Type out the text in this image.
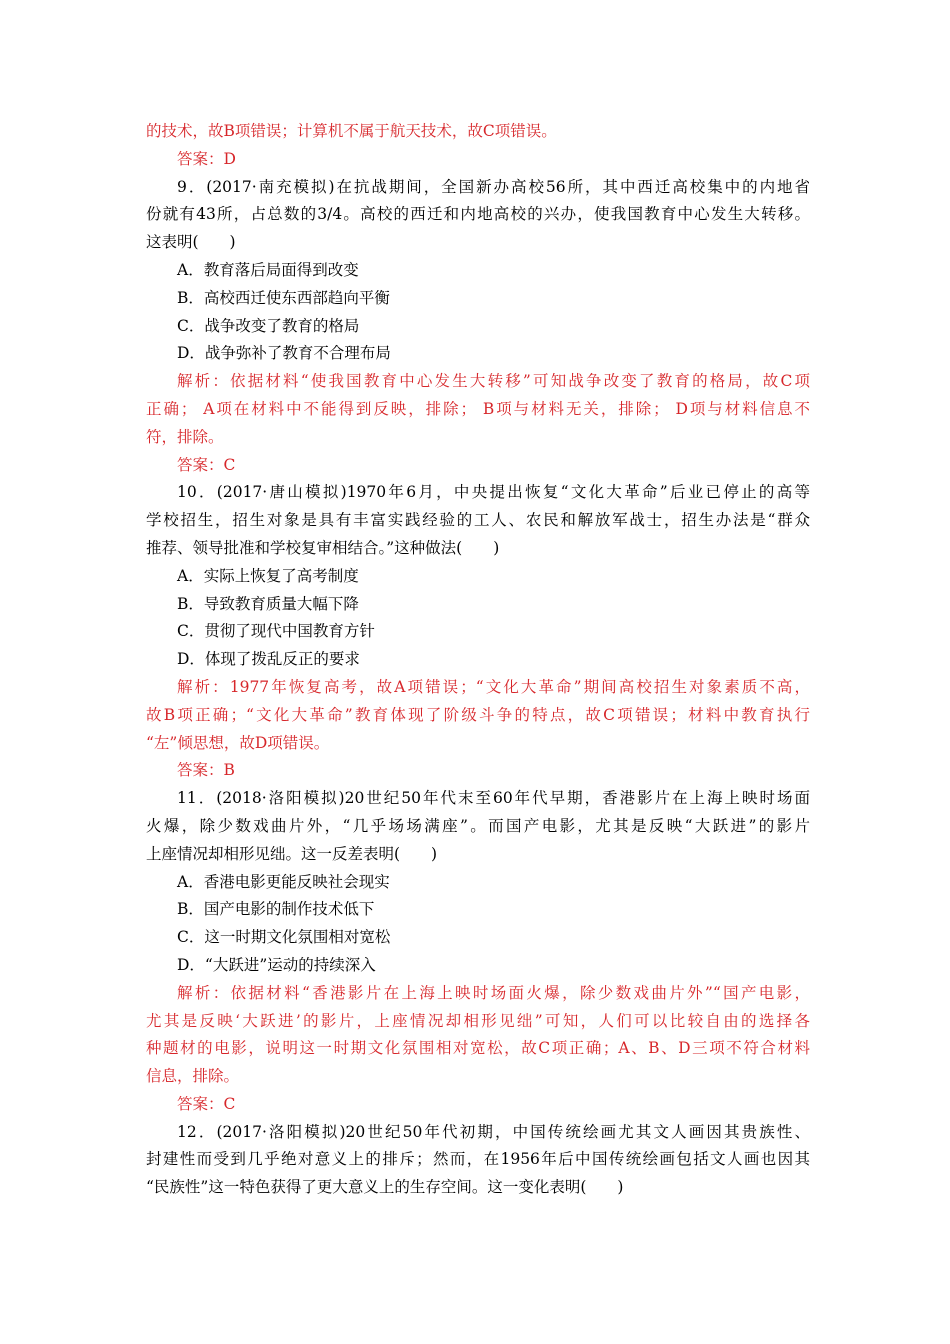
的技术，故B项错误；计算机不属于航天技术，故C项错误。
答案：D
9．(2017·南充模拟)在抗战期间，全国新办高校56所，其中西迁高校集中的内地省
份就有43所，占总数的3/4。高校的西迁和内地高校的兴办，使我国教育中心发生大转移。
这表明(　　)
A．教育落后局面得到改变
B．高校西迁使东西部趋向平衡
C．战争改变了教育的格局
D．战争弥补了教育不合理布局
解析：依据材料“使我国教育中心发生大转移”可知战争改变了教育的格局，故C项
正确； A项在材料中不能得到反映，排除； B项与材料无关，排除； D项与材料信息不
符，排除。
答案：C
10．(2017·唐山模拟)1970年6月，中央提出恢复“文化大革命”后业已停止的高等
学校招生，招生对象是具有丰富实践经验的工人、农民和解放军战士，招生办法是“群众
推荐、领导批准和学校复审相结合。”这种做法(　　)
A．实际上恢复了高考制度
B．导致教育质量大幅下降
C．贯彻了现代中国教育方针
D．体现了拨乱反正的要求
解析：1977年恢复高考，故A项错误；“文化大革命”期间高校招生对象素质不高，
故B项正确；“文化大革命”教育体现了阶级斗争的特点，故C项错误；材料中教育执行
“左”倾思想，故D项错误。
答案：B
11．(2018·洛阳模拟)20世纪50年代末至60年代早期，香港影片在上海上映时场面
火爆，除少数戏曲片外，“几乎场场满座”。而国产电影，尤其是反映“大跃进”的影片
上座情况却相形见绌。这一反差表明(　　)
A．香港电影更能反映社会现实
B．国产电影的制作技术低下
C．这一时期文化氛围相对宽松
D．“大跃进”运动的持续深入
解析：依据材料“香港影片在上海上映时场面火爆，除少数戏曲片外”“国产电影，
尤其是反映‘大跃进’的影片，上座情况却相形见绌”可知，人们可以比较自由的选择各
种题材的电影，说明这一时期文化氛围相对宽松，故C项正确；A、B、D三项不符合材料
信息，排除。
答案：C
12．(2017·洛阳模拟)20世纪50年代初期，中国传统绘画尤其文人画因其贵族性、
封建性而受到几乎绝对意义上的排斥；然而，在1956年后中国传统绘画包括文人画也因其
“民族性”这一特色获得了更大意义上的生存空间。这一变化表明(　　)
